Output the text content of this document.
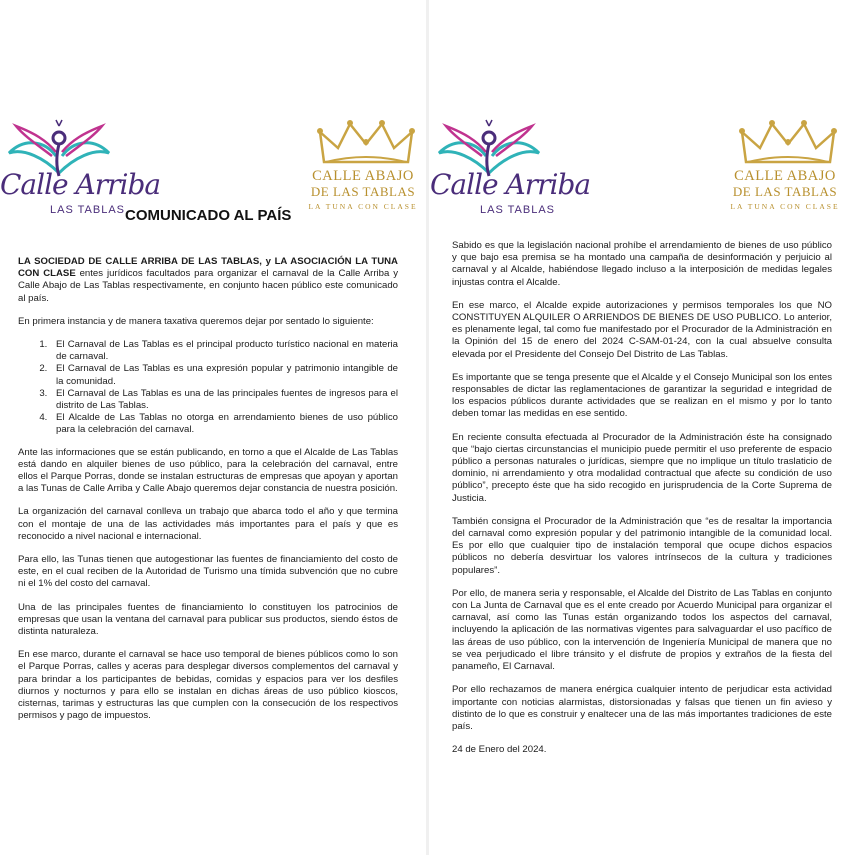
Calle Arriba
LAS TABLAS
CALLE ABAJO
DE LAS TABLAS
LA TUNA CON CLASE
COMUNICADO AL PAÍS

LA SOCIEDAD DE CALLE ARRIBA DE LAS TABLAS, y LA ASOCIACIÓN LA TUNA CON CLASE entes jurídicos facultados para organizar el carnaval de la Calle Arriba y Calle Abajo de Las Tablas respectivamente, en conjunto hacen público este comunicado al país.

En primera instancia y de manera taxativa queremos dejar por sentado lo siguiente:

1. El Carnaval de Las Tablas es el principal producto turístico nacional en materia de carnaval.
2. El Carnaval de Las Tablas es una expresión popular y patrimonio intangible de la comunidad.
3. El Carnaval de Las Tablas es una de las principales fuentes de ingresos para el distrito de Las Tablas.
4. El Alcalde de Las Tablas no otorga en arrendamiento bienes de uso público para la celebración del carnaval.

Ante las informaciones que se están publicando, en torno a que el Alcalde de Las Tablas está dando en alquiler bienes de uso público, para la celebración del carnaval, entre ellos el Parque Porras, donde se instalan estructuras de empresas que apoyan y aportan a las Tunas de Calle Arriba y Calle Abajo queremos dejar constancia de nuestra posición.

La organización del carnaval conlleva un trabajo que abarca todo el año y que termina con el montaje de una de las actividades más importantes para el país y que es reconocido a nivel nacional e internacional.

Para ello, las Tunas tienen que autogestionar las fuentes de financiamiento del costo de este, en el cual reciben de la Autoridad de Turismo una tímida subvención que no cubre ni el 1% del costo del carnaval.

Una de las principales fuentes de financiamiento lo constituyen los patrocinios de empresas que usan la ventana del carnaval para publicar sus productos, siendo éstos de distinta naturaleza.

En ese marco, durante el carnaval se hace uso temporal de bienes públicos como lo son el Parque Porras, calles y aceras para desplegar diversos complementos del carnaval y para brindar a los participantes de bebidas, comidas y espacios para ver los desfiles diurnos y nocturnos y para ello se instalan en dichas áreas de uso público kioscos, cisternas, tarimas y estructuras las que cumplen con la consecución de los respectivos permisos y pago de impuestos.

Calle Arriba
LAS TABLAS
CALLE ABAJO
DE LAS TABLAS
LA TUNA CON CLASE

Sabido es que la legislación nacional prohíbe el arrendamiento de bienes de uso público y que bajo esa premisa se ha montado una campaña de desinformación y perjuicio al carnaval y al Alcalde, habiéndose llegado incluso a la interposición de medidas legales injustas contra el Alcalde.

En ese marco, el Alcalde expide autorizaciones y permisos temporales los que NO CONSTITUYEN ALQUILER O ARRIENDOS DE BIENES DE USO PUBLICO. Lo anterior, es plenamente legal, tal como fue manifestado por el Procurador de la Administración en la Opinión del 15 de enero del 2024 C-SAM-01-24, con la cual absuelve consulta elevada por el Presidente del Consejo Del Distrito de Las Tablas.

Es importante que se tenga presente que el Alcalde y el Consejo Municipal son los entes responsables de dictar las reglamentaciones de garantizar la seguridad e integridad de los espacios públicos durante actividades que se realizan en el mismo y por lo tanto deben tomar las medidas en ese sentido.

En reciente consulta efectuada al Procurador de la Administración éste ha consignado que “bajo ciertas circunstancias el municipio puede permitir el uso preferente de espacio público a personas naturales o jurídicas, siempre que no implique un título traslaticio de dominio, ni arrendamiento y otra modalidad contractual que afecte su condición de uso público”, precepto éste que ha sido recogido en jurisprudencia de la Corte Suprema de Justicia.

También consigna el Procurador de la Administración que “es de resaltar la importancia del carnaval como expresión popular y del patrimonio intangible de la comunidad local. Es por ello que cualquier tipo de instalación temporal que ocupe dichos espacios públicos no debería desvirtuar los valores intrínsecos de la cultura y tradiciones populares”.

Por ello, de manera seria y responsable, el Alcalde del Distrito de Las Tablas en conjunto con La Junta de Carnaval que es el ente creado por Acuerdo Municipal para organizar el carnaval, así como las Tunas están organizando todos los aspectos del carnaval, incluyendo la aplicación de las normativas vigentes para salvaguardar el uso pacífico de las áreas de uso público, con la intervención de Ingeniería Municipal de manera que no se vea perjudicado el libre tránsito y el disfrute de propios y extraños de la fiesta del panameño, El Carnaval.

Por ello rechazamos de manera enérgica cualquier intento de perjudicar esta actividad importante con noticias alarmistas, distorsionadas y falsas que tienen un fin avieso y distinto de lo que es construir y enaltecer una de las más importantes tradiciones de este país.

24 de Enero del 2024.
